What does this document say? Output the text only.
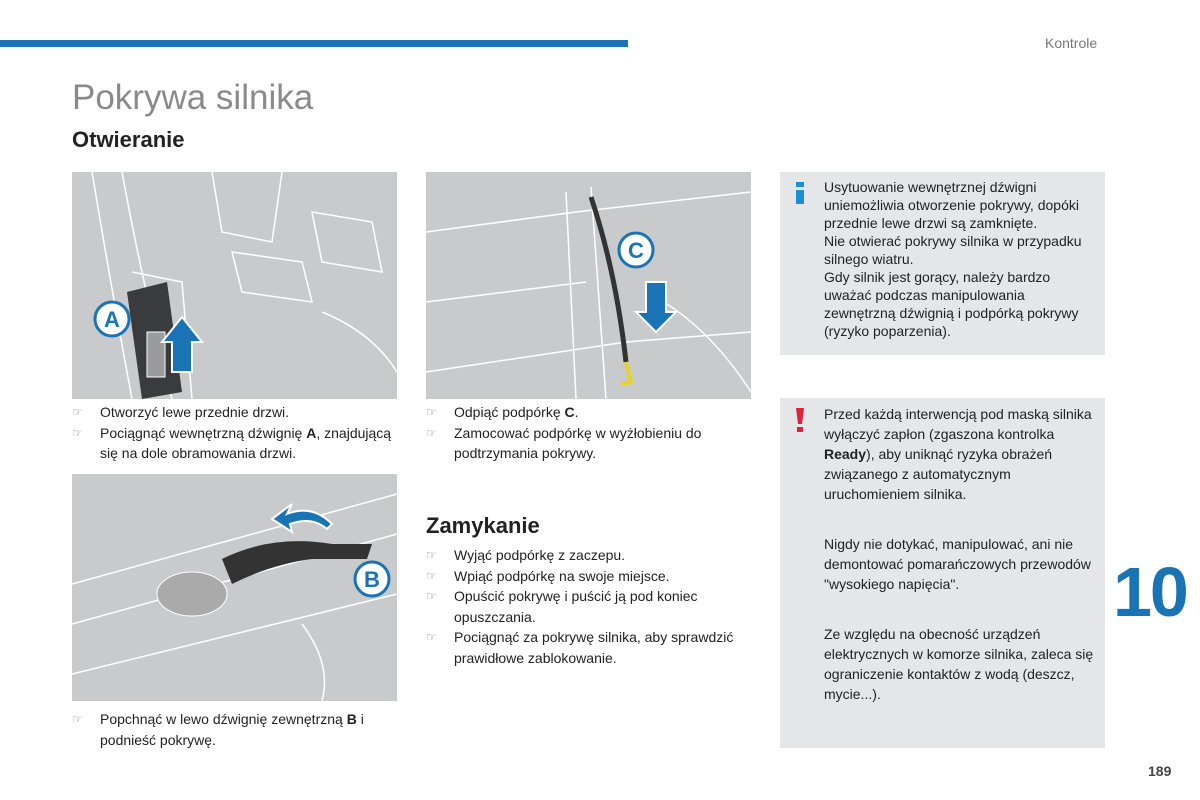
Kontrole
Pokrywa silnika
Otwieranie
A
C
B
☞ Otworzyć lewe przednie drzwi.
☞ Pociągnąć wewnętrzną dźwignię A, znajdującą się na dole obramowania drzwi.
☞ Odpiąć podpórkę C.
☞ Zamocować podpórkę w wyżłobieniu do podtrzymania pokrywy.
☞ Popchnąć w lewo dźwignię zewnętrzną B i podnieść pokrywę.
Zamykanie
☞ Wyjąć podpórkę z zaczepu.
☞ Wpiąć podpórkę na swoje miejsce.
☞ Opuścić pokrywę i puścić ją pod koniec opuszczania.
☞ Pociągnąć za pokrywę silnika, aby sprawdzić prawidłowe zablokowanie.

Usytuowanie wewnętrznej dźwigni uniemożliwia otworzenie pokrywy, dopóki przednie lewe drzwi są zamknięte.

Nie otwierać pokrywy silnika w przypadku silnego wiatru.

Gdy silnik jest gorący, należy bardzo uważać podczas manipulowania zewnętrzną dźwignią i podpórką pokrywy (ryzyko poparzenia).

Przed każdą interwencją pod maską silnika wyłączyć zapłon (zgaszona kontrolka Ready), aby uniknąć ryzyka obrażeń związanego z automatycznym uruchomieniem silnika.

Nigdy nie dotykać, manipulować, ani nie demontować pomarańczowych przewodów "wysokiego napięcia".

Ze względu na obecność urządzeń elektrycznych w komorze silnika, zaleca się ograniczenie kontaktów z wodą (deszcz, mycie...).

10
189
